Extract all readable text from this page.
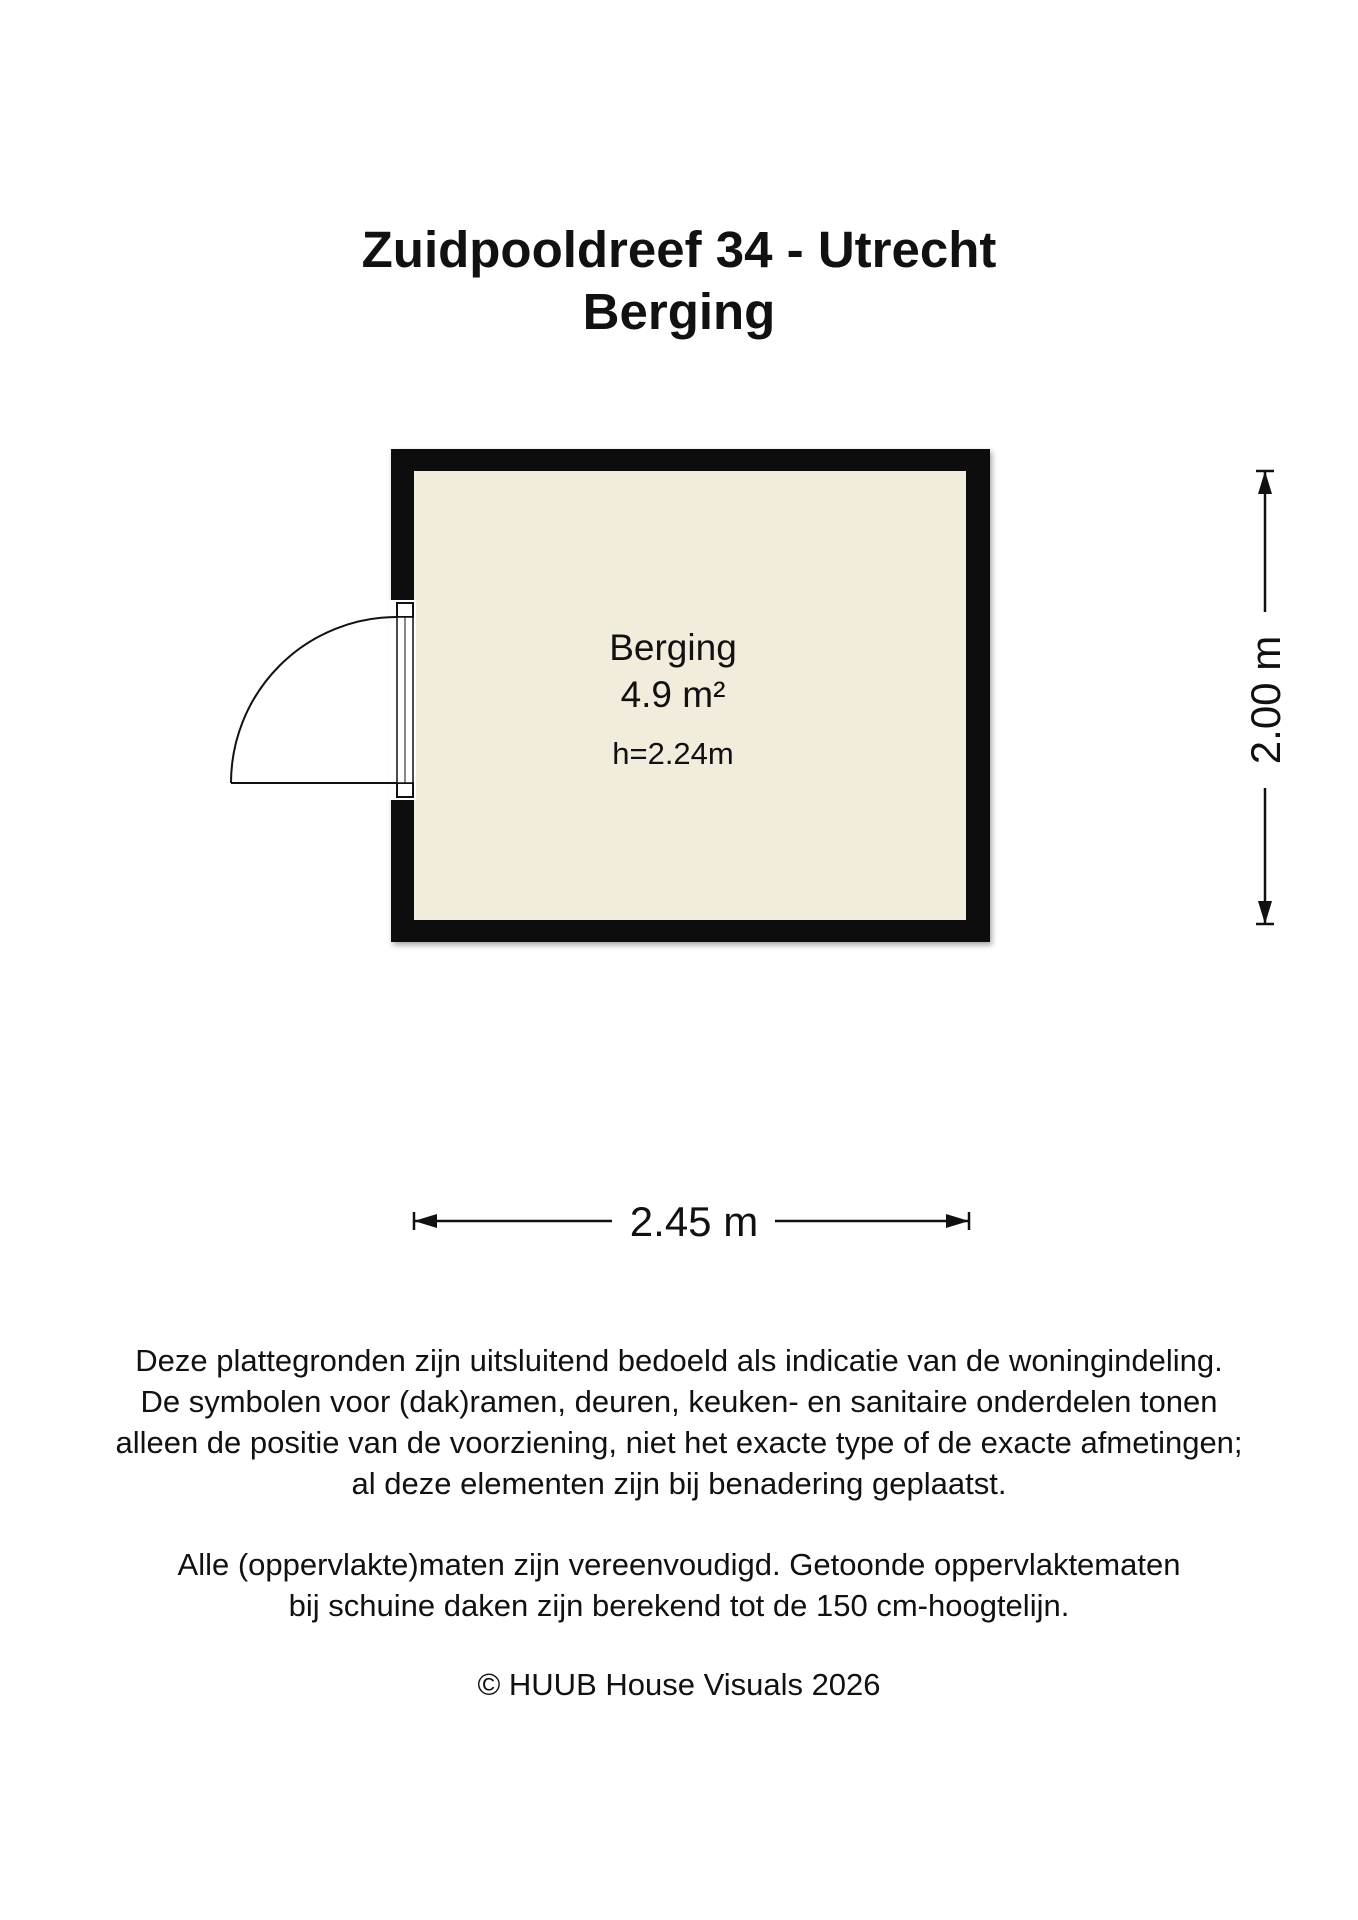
Zuidpooldreef 34 - Utrecht
Berging
Berging
4.9 m²
h=2.24m	2.00 m
2.45 m

Deze plattegronden zijn uitsluitend bedoeld als indicatie van de woningindeling.

De symbolen voor (dak)ramen, deuren, keuken- en sanitaire onderdelen tonen

alleen de positie van de voorziening, niet het exacte type of de exacte afmetingen;

al deze elementen zijn bij benadering geplaatst.

Alle (oppervlakte)maten zijn vereenvoudigd. Getoonde oppervlaktematen

bij schuine daken zijn berekend tot de 150 cm-hoogtelijn.

© HUUB House Visuals 2026
